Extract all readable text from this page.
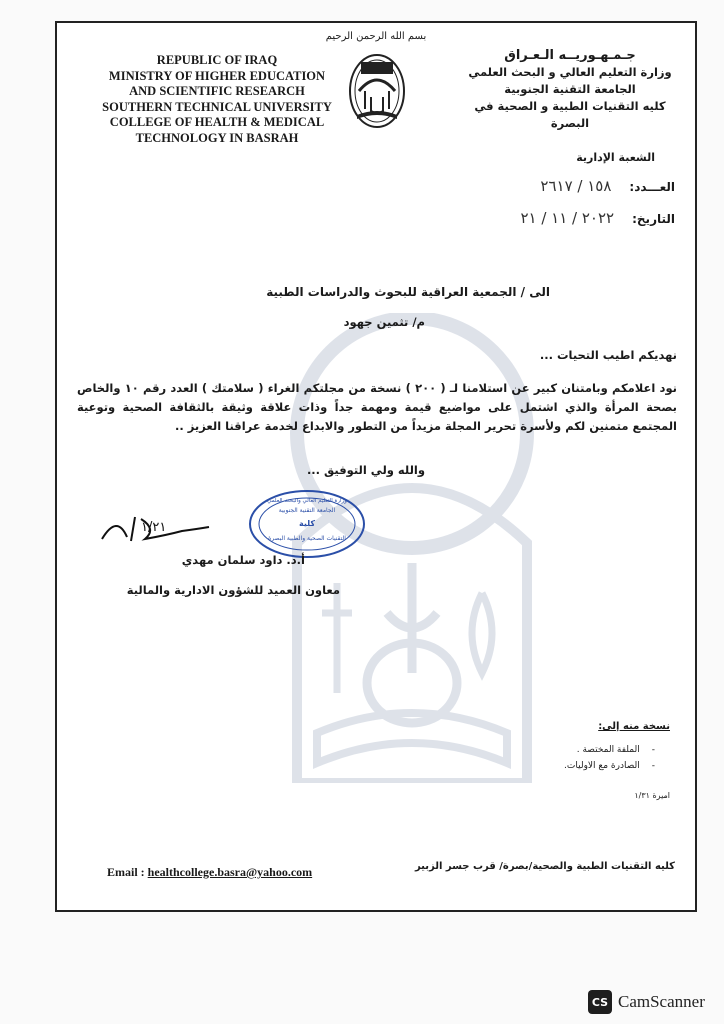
بسم الله الرحمن الرحيم
REPUBLIC OF IRAQ
MINISTRY OF HIGHER EDUCATION
AND SCIENTIFIC RESEARCH
SOUTHERN TECHNICAL UNIVERSITY
COLLEGE OF HEALTH & MEDICAL
TECHNOLOGY IN BASRAH
جـمـهـوريــه الـعـراق
وزارة التعليم العالي و البحث العلمي
الجامعة التقنية الجنوبية
كليه التقنيات الطبية و الصحية في البصرة
الشعبة الإدارية
العـــدد:
١٥٨ / ٢٦١٧
التاريخ:
٢٠٢٢ / ١١ / ٢١
الى / الجمعية العراقية للبحوث والدراسات الطبية
م/ تثمين جهود
نهديكم اطيب التحيات ...
نود اعلامكم وبامتنان كبير عن استلامنا لـ ( ٢٠٠ ) نسخة من مجلتكم الغراء ( سلامتك ) العدد رقم ١٠ والخاص بصحة المرأة والذي اشتمل على مواضيع قيمة ومهمة جداً وذات علاقة وثيقة بالثقافة الصحية وتوعية المجتمع متمنين لكم ولأسرة تحرير المجلة مزيداً من التطور والابداع لخدمة عراقنا العزيز ..
والله ولي التوفيق ...
وزارة التعليم العالي والبحث العلمي
الجامعة التقنية الجنوبية
كلية
التقنيات الصحية والطبية البصرة
١/٢١
أ.د. داود سلمان مهدي
معاون العميد للشؤون الادارية والمالية
نسخة منه إلى:
-
الملفة المختصة .
-
الصادرة مع الاوليات.
اميرة ١/٣١
كليه التقنيات الطبية والصحية/بصرة/ قرب جسر الزبير
Email : healthcollege.basra@yahoo.com
CS CamScanner
